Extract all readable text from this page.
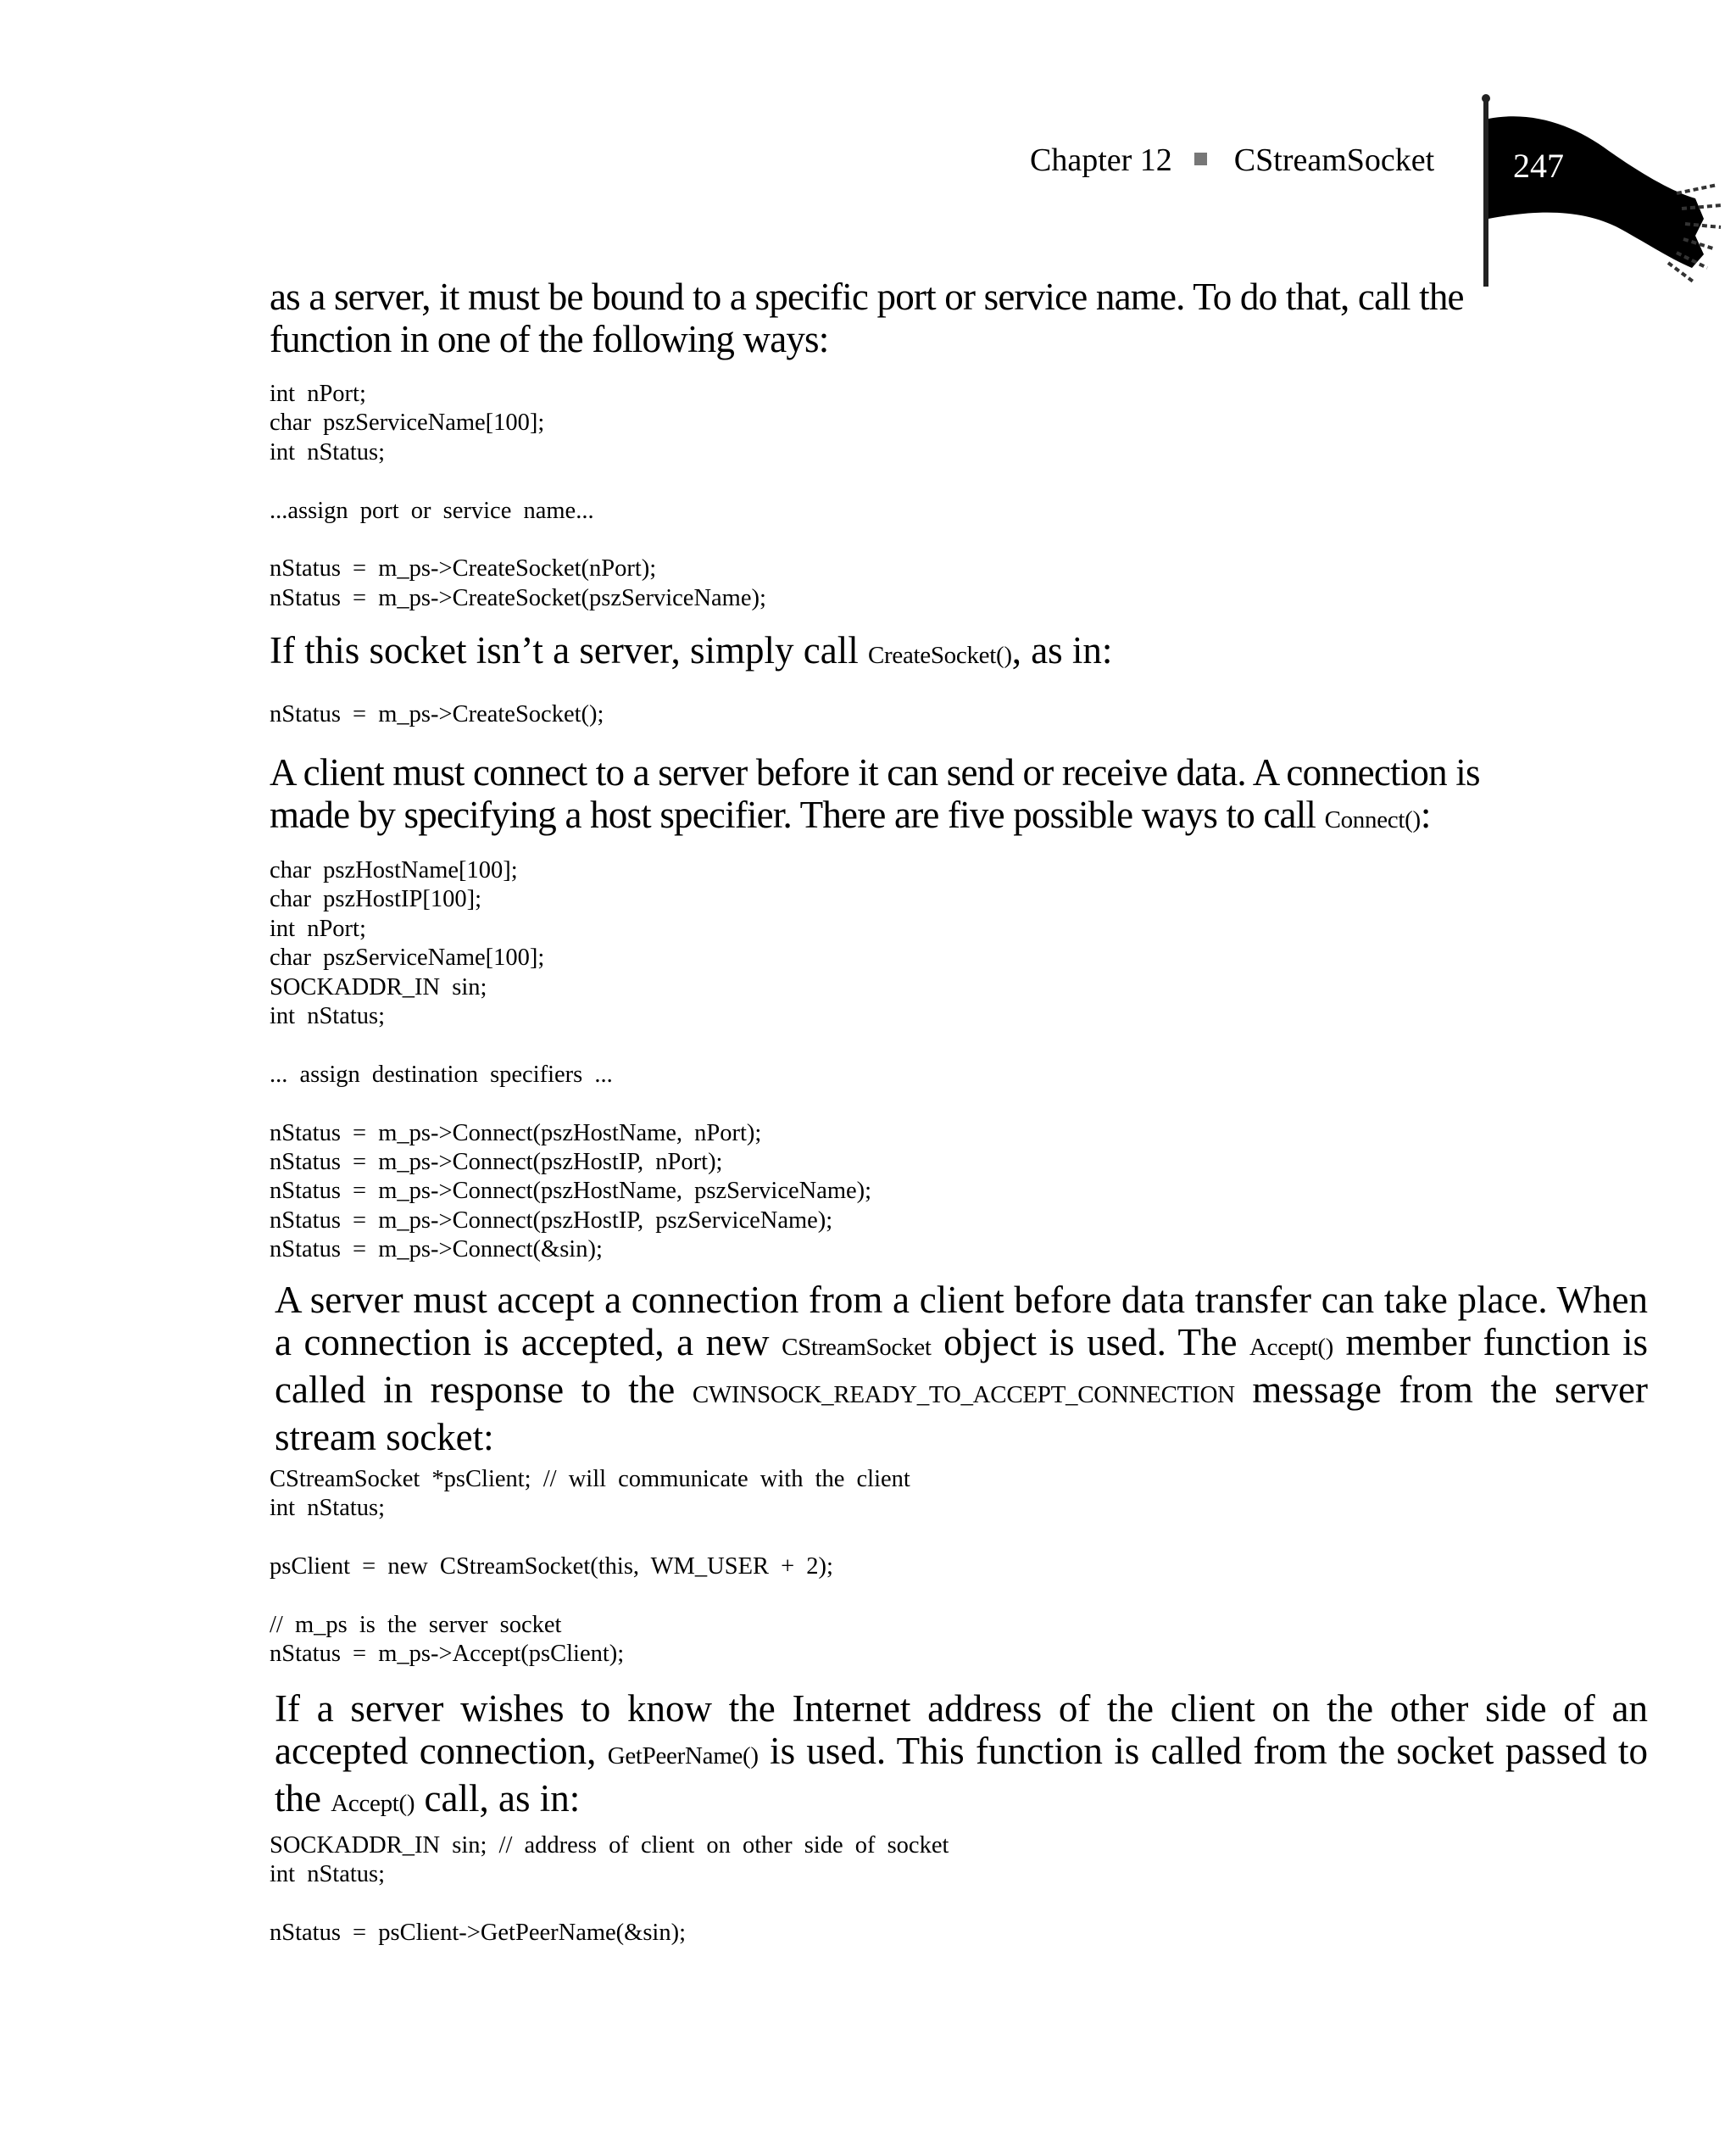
Chapter 12 CStreamSocket 247
as a server, it must be bound to a specific port or service name. To do that, call the
function in one of the following ways:
int nPort;
char pszServiceName[100];
int nStatus;
...assign port or service name...
nStatus = m_ps->CreateSocket(nPort);
nStatus = m_ps->CreateSocket(pszServiceName);

If this socket isn’t a server, simply call CreateSocket(), as in:

nStatus = m_ps->CreateSocket();
A client must connect to a server before it can send or receive data. A connection is
made by specifying a host specifier. There are five possible ways to call Connect():
char pszHostName[100];
char pszHostIP[100];
int nPort;
char pszServiceName[100];
SOCKADDR_IN sin;
int nStatus;
... assign destination specifiers ...
nStatus = m_ps->Connect(pszHostName, nPort);
nStatus = m_ps->Connect(pszHostIP, nPort);
nStatus = m_ps->Connect(pszHostName, pszServiceName);
nStatus = m_ps->Connect(pszHostIP, pszServiceName);
nStatus = m_ps->Connect(&sin);

A server must accept a connection from a client before data transfer can take place. When a connection is accepted, a new CStreamSocket object is used. The Accept() member function is called in response to the CWINSOCK_READY_TO_ACCEPT_CONNECTION message from the server stream socket:

CStreamSocket *psClient; // will communicate with the client
int nStatus;
psClient = new CStreamSocket(this, WM_USER + 2);
// m_ps is the server socket
nStatus = m_ps->Accept(psClient);

If a server wishes to know the Internet address of the client on the other side of an accepted connection, GetPeerName() is used. This function is called from the socket passed to the Accept() call, as in:

SOCKADDR_IN sin; // address of client on other side of socket
int nStatus;
nStatus = psClient->GetPeerName(&sin);
